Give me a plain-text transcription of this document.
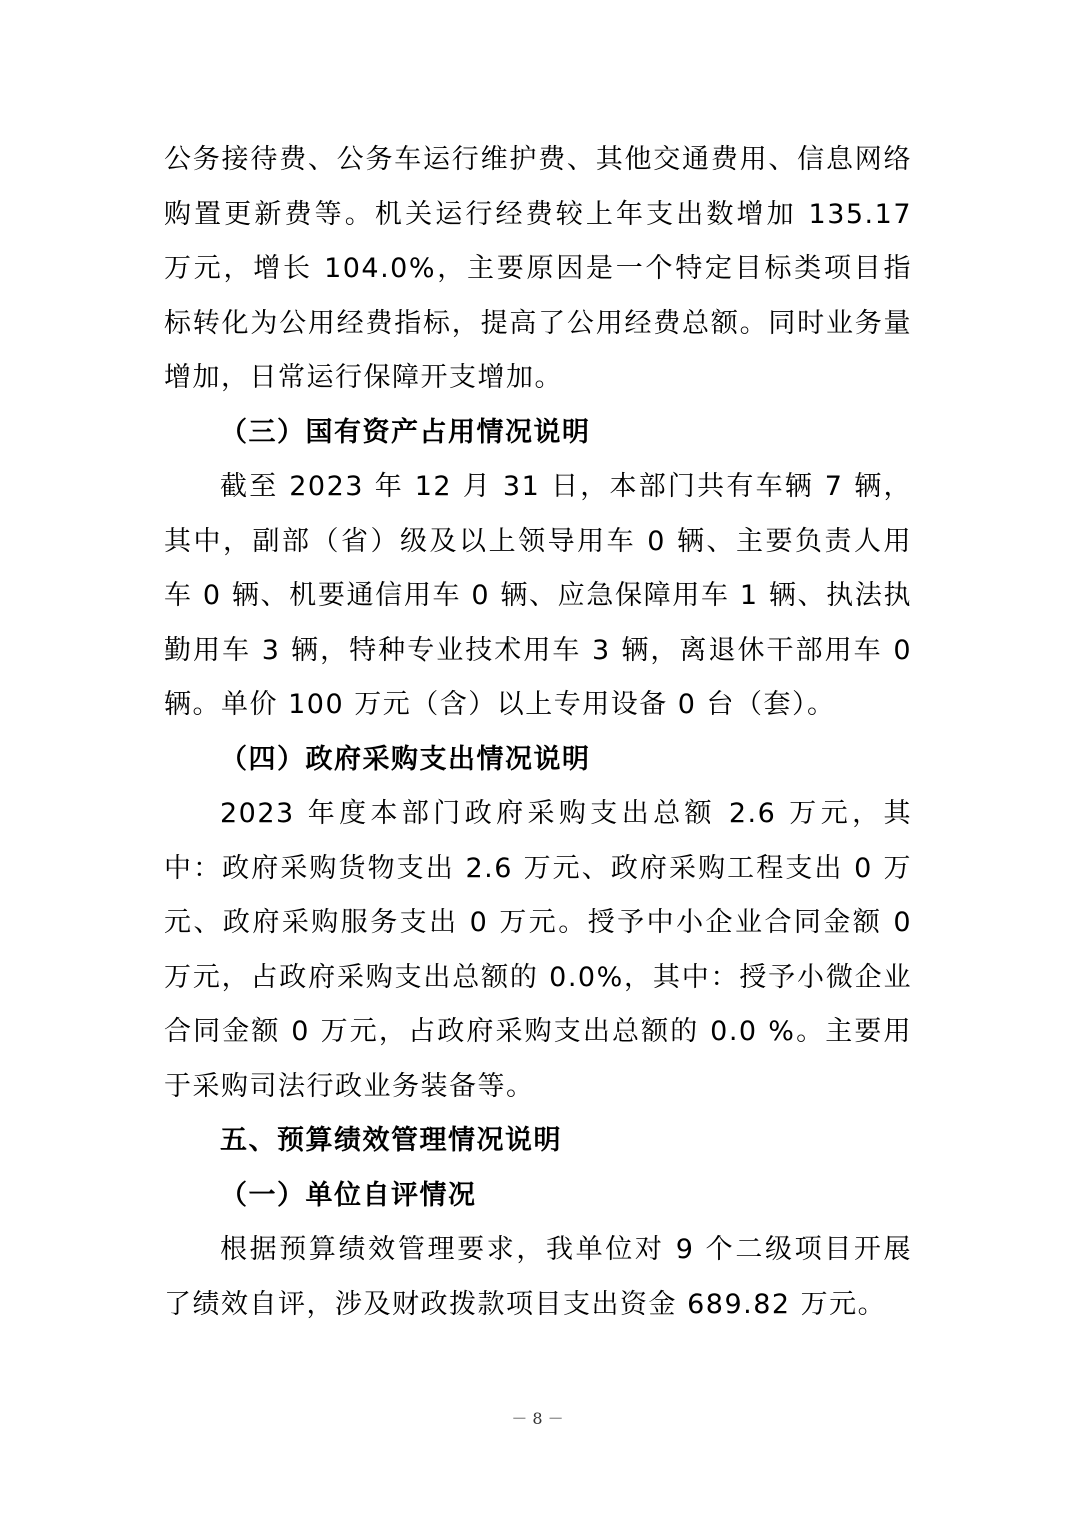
公务接待费、公务车运行维护费、其他交通费用、信息网络购置更新费等。机关运行经费较上年支出数增加 135.17 万元，增长 104.0%，主要原因是一个特定目标类项目指标转化为公用经费指标，提高了公用经费总额。同时业务量增加，日常运行保障开支增加。

（三）国有资产占用情况说明

截至 2023 年 12 月 31 日，本部门共有车辆 7 辆，其中，副部（省）级及以上领导用车 0 辆、主要负责人用车 0 辆、机要通信用车 0 辆、应急保障用车 1 辆、执法执勤用车 3 辆，特种专业技术用车 3 辆，离退休干部用车 0 辆。单价 100 万元（含）以上专用设备 0 台（套）。

（四）政府采购支出情况说明

2023 年度本部门政府采购支出总额 2.6 万元，其中：政府采购货物支出 2.6 万元、政府采购工程支出 0 万元、政府采购服务支出 0 万元。授予中小企业合同金额 0 万元，占政府采购支出总额的 0.0%，其中：授予小微企业合同金额 0 万元，占政府采购支出总额的 0.0 %。主要用于采购司法行政业务装备等。

五、预算绩效管理情况说明

（一）单位自评情况

根据预算绩效管理要求，我单位对 9 个二级项目开展了绩效自评，涉及财政拨款项目支出资金 689.82 万元。

－ 8 －
